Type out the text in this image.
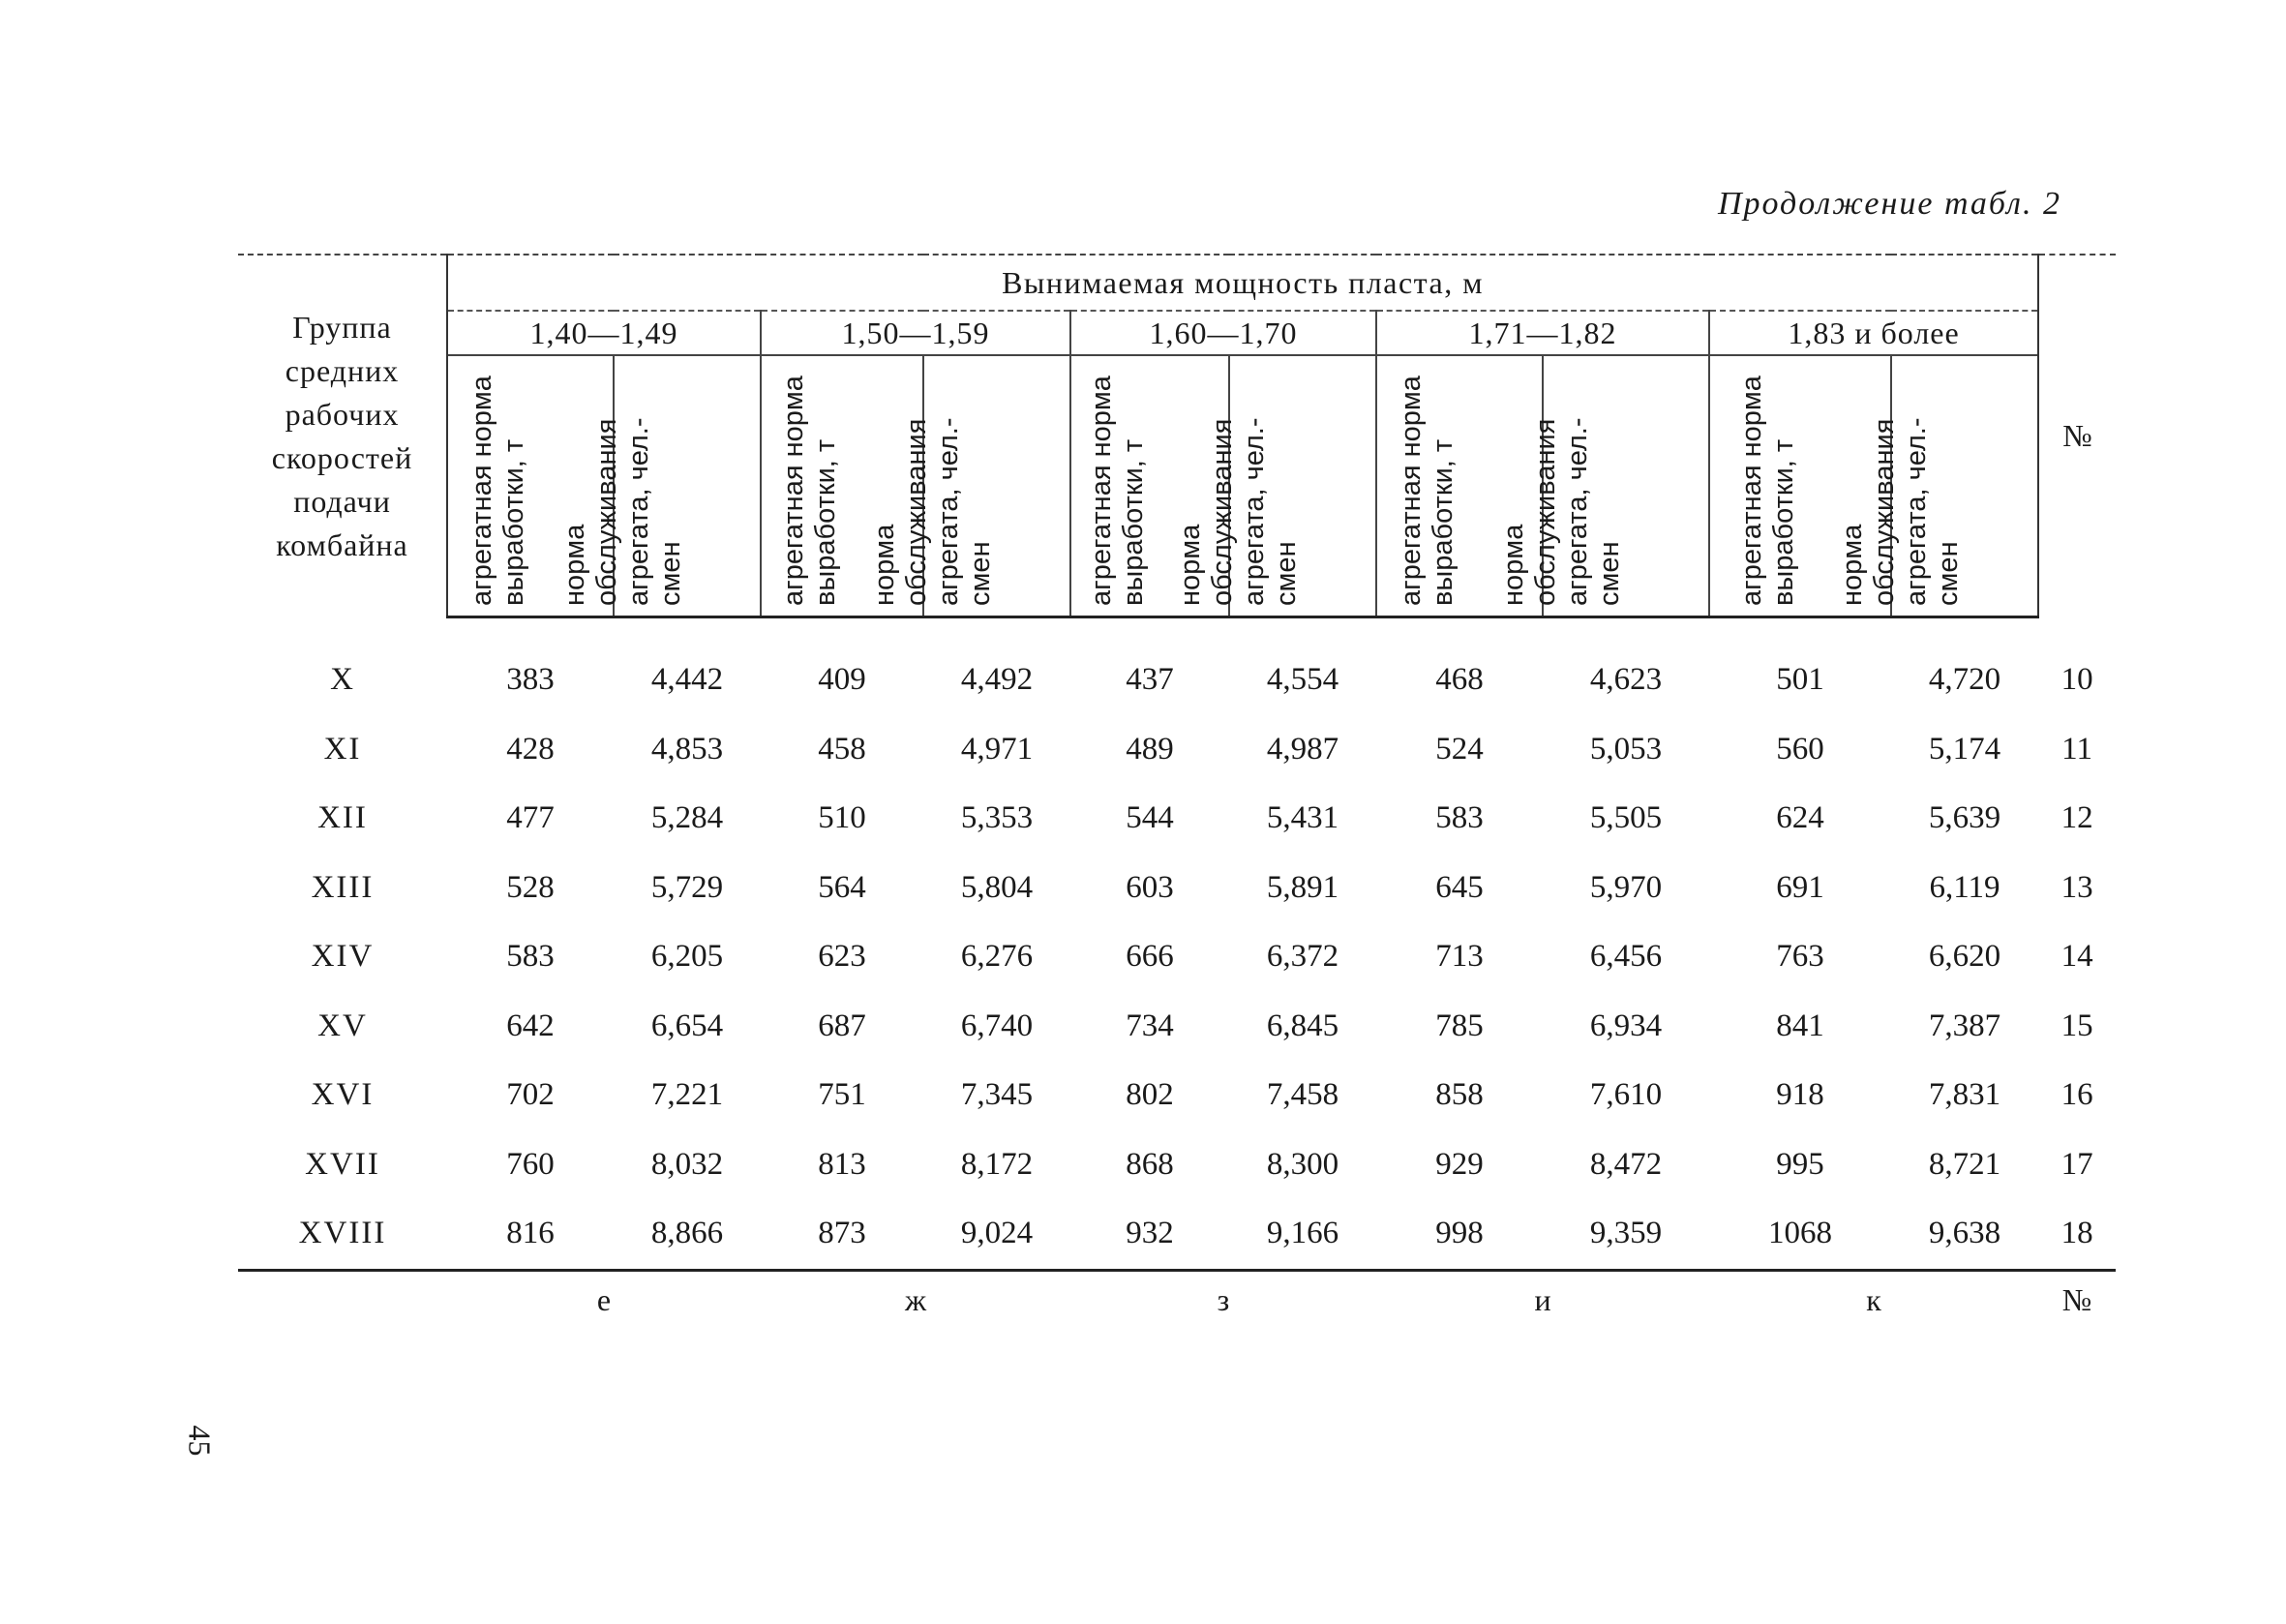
Продолжение табл. 2
45
Группа средних рабочих скоростей подачи комбайна	Вынимаемая мощность пласта, м										№
	1,40—1,49		1,50—1,59		1,60—1,70		1,71—1,82		1,83 и более		

	агрегатная норма выработки, т	норма обслуживания агрегата, чел.-смен	агрегатная норма выработки, т	норма обслуживания агрегата, чел.-смен	агрегатная норма выработки, т	норма обслуживания агрегата, чел.-смен	агрегатная норма выработки, т	норма обслуживания агрегата, чел.-смен	агрегатная норма выработки, т	норма обслуживания агрегата, чел.-смен	

X	383	4,442	409	4,492	437	4,554	468	4,623	501	4,720	10
XI	428	4,853	458	4,971	489	4,987	524	5,053	560	5,174	11
XII	477	5,284	510	5,353	544	5,431	583	5,505	624	5,639	12
XIII	528	5,729	564	5,804	603	5,891	645	5,970	691	6,119	13
XIV	583	6,205	623	6,276	666	6,372	713	6,456	763	6,620	14
XV	642	6,654	687	6,740	734	6,845	785	6,934	841	7,387	15
XVI	702	7,221	751	7,345	802	7,458	858	7,610	918	7,831	16
XVII	760	8,032	813	8,172	868	8,300	929	8,472	995	8,721	17
XVIII	816	8,866	873	9,024	932	9,166	998	9,359	1068	9,638	18
	е		ж		з		и		к		№
